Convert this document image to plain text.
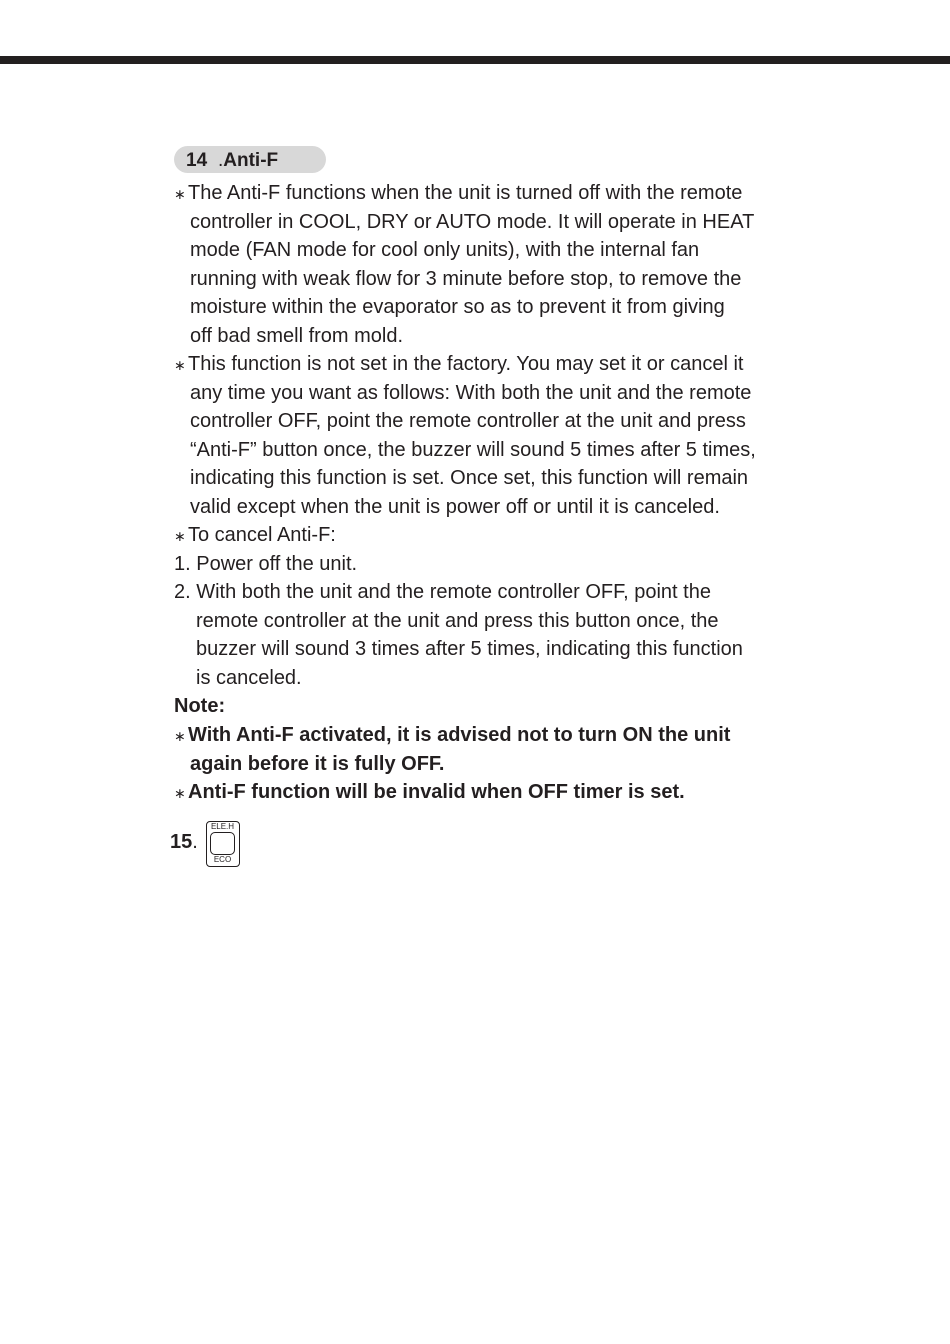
14 .Anti-F
∗ The Anti-F functions when the unit is turned off with the remote
controller in COOL, DRY or AUTO mode. It will operate in HEAT
mode (FAN mode for cool only units), with the internal fan
running with weak flow for 3 minute before stop, to remove the
moisture within the evaporator so as to prevent it from giving
off bad smell from mold.
∗ This function is not set in the factory. You may set it or cancel it
any time you want as follows: With both the unit and the remote
controller OFF, point the remote controller at the unit and press
“Anti-F” button once, the buzzer will sound 5 times after 5 times,
indicating this function is set. Once set, this function will remain
valid except when the unit is power off or until it is canceled.
∗ To cancel Anti-F:
1. Power off the unit.
2. With both the unit and the remote controller OFF, point the
remote controller at the unit and press this button once, the
buzzer will sound 3 times after 5 times, indicating this function
is canceled.
Note:
∗ With Anti-F activated, it is advised not to turn ON the unit
again before it is fully OFF.
∗ Anti-F function will be invalid when OFF timer is set.
15.
ELE.H
ECO
